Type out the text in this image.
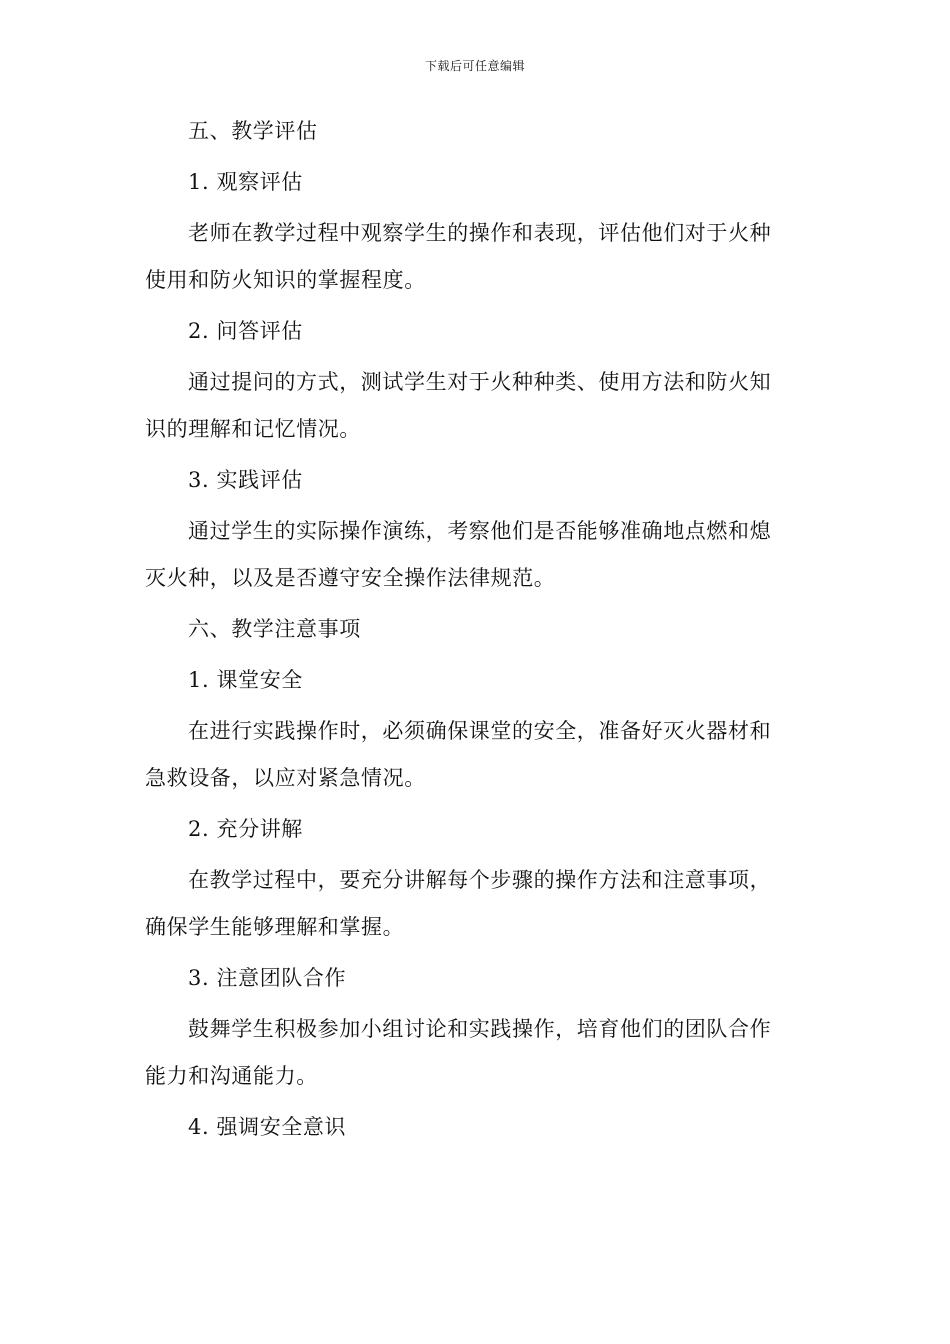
下载后可任意编辑
五、教学评估
1. 观察评估
老师在教学过程中观察学生的操作和表现，评估他们对于火种
使用和防火知识的掌握程度。
2. 问答评估
通过提问的方式，测试学生对于火种种类、使用方法和防火知
识的理解和记忆情况。
3. 实践评估
通过学生的实际操作演练，考察他们是否能够准确地点燃和熄
灭火种，以及是否遵守安全操作法律规范。
六、教学注意事项
1. 课堂安全
在进行实践操作时，必须确保课堂的安全，准备好灭火器材和
急救设备，以应对紧急情况。
2. 充分讲解
在教学过程中，要充分讲解每个步骤的操作方法和注意事项，
确保学生能够理解和掌握。
3. 注意团队合作
鼓舞学生积极参加小组讨论和实践操作，培育他们的团队合作
能力和沟通能力。
4. 强调安全意识
